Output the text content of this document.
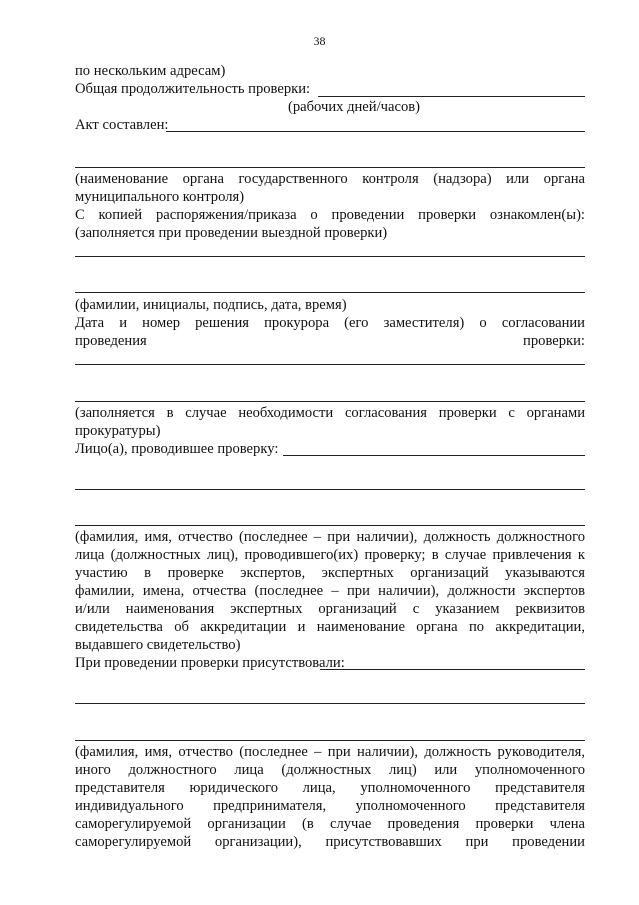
38
по нескольким адресам)
Общая продолжительность проверки:
(рабочих дней/часов)
Акт составлен:
(наименование органа государственного контроля (надзора) или органа
муниципального контроля)
С копией распоряжения/приказа о проведении проверки ознакомлен(ы):
(заполняется при проведении выездной проверки)
(фамилии, инициалы, подпись, дата, время)
Дата и номер решения прокурора (его заместителя) о согласовании
проведения	проверки:
(заполняется в случае необходимости согласования проверки с органами
прокуратуры)
Лицо(а), проводившее проверку:
(фамилия, имя, отчество (последнее – при наличии), должность должностного
лица (должностных лиц), проводившего(их) проверку; в случае привлечения к
участию в проверке экспертов, экспертных организаций указываются
фамилии, имена, отчества (последнее – при наличии), должности экспертов
и/или наименования экспертных организаций с указанием реквизитов
свидетельства об аккредитации и наименование органа по аккредитации,
выдавшего свидетельство)
При проведении проверки присутствовали:
(фамилия, имя, отчество (последнее – при наличии), должность руководителя,
иного должностного лица (должностных лиц) или уполномоченного
представителя юридического лица, уполномоченного представителя
индивидуального предпринимателя, уполномоченного представителя
саморегулируемой организации (в случае проведения проверки члена
саморегулируемой организации), присутствовавших при проведении
